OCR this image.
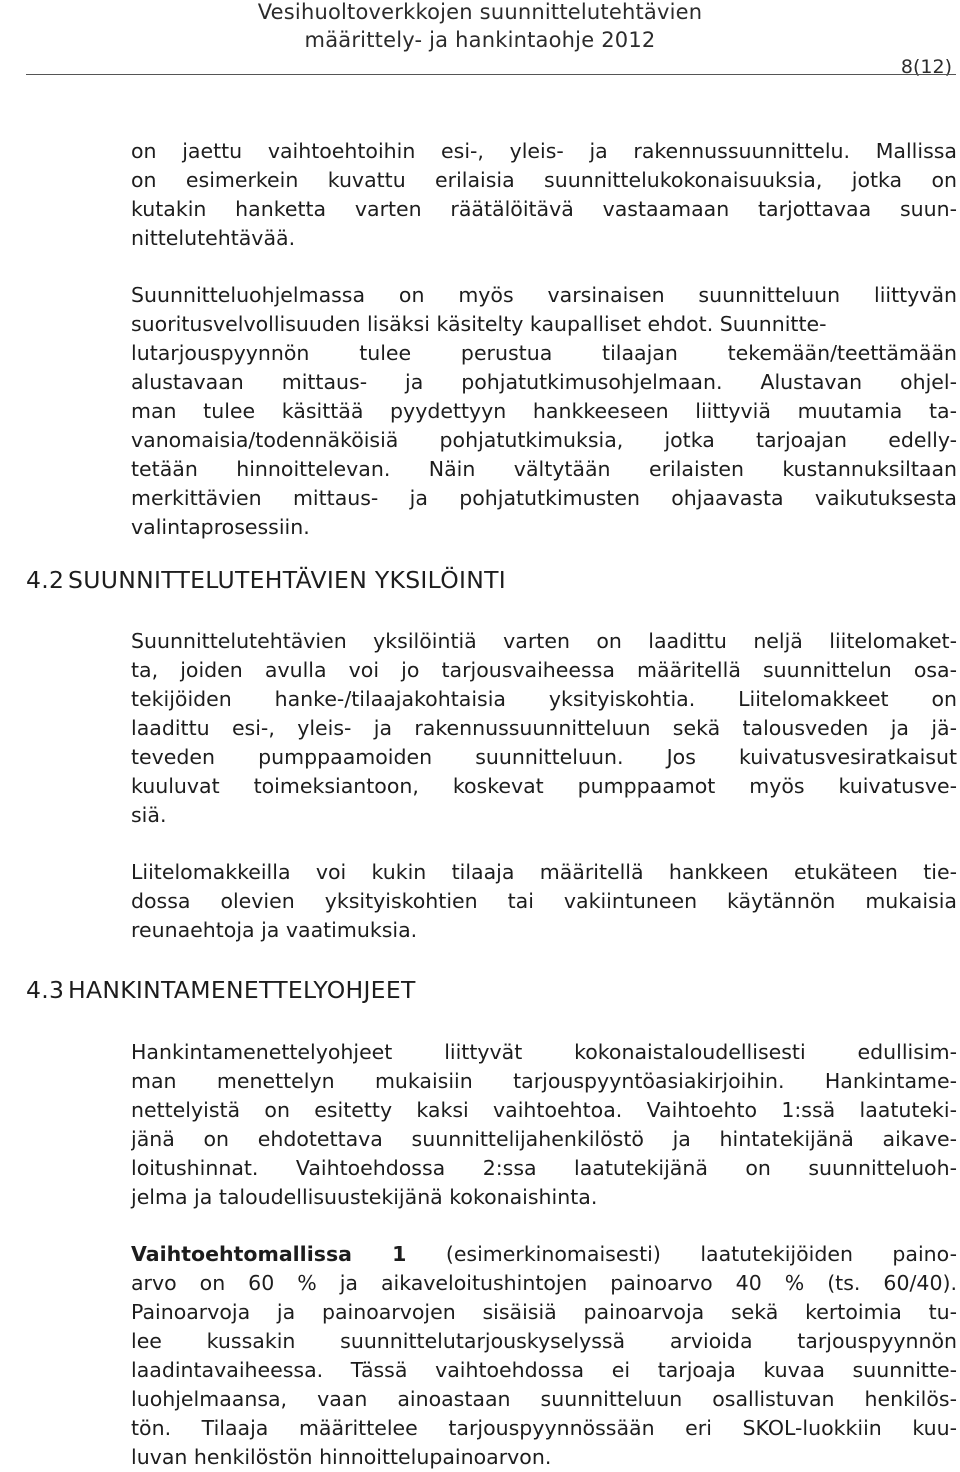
Vesihuoltoverkkojen suunnittelutehtävien
määrittely- ja hankintaohje 2012
8(12)
on jaettu vaihtoehtoihin esi-, yleis- ja rakennussuunnittelu. Mallissa
on esimerkein kuvattu erilaisia suunnittelukokonaisuuksia, jotka on
kutakin hanketta varten räätälöitävä vastaamaan tarjottavaa suun-
nittelutehtävää.
Suunnitteluohjelmassa on myös varsinaisen suunnitteluun liittyvän
suoritusvelvollisuuden lisäksi käsitelty kaupalliset ehdot. Suunnitte-
lutarjouspyynnön tulee perustua tilaajan tekemään/teettämään
alustavaan mittaus- ja pohjatutkimusohjelmaan. Alustavan ohjel-
man tulee käsittää pyydettyyn hankkeeseen liittyviä muutamia ta-
vanomaisia/todennäköisiä pohjatutkimuksia, jotka tarjoajan edelly-
tetään hinnoittelevan. Näin vältytään erilaisten kustannuksiltaan
merkittävien mittaus- ja pohjatutkimusten ohjaavasta vaikutuksesta
valintaprosessiin.
4.2 SUUNNITTELUTEHTÄVIEN YKSILÖINTI
Suunnittelutehtävien yksilöintiä varten on laadittu neljä liitelomaket-
ta, joiden avulla voi jo tarjousvaiheessa määritellä suunnittelun osa-
tekijöiden hanke-/tilaajakohtaisia yksityiskohtia. Liitelomakkeet on
laadittu esi-, yleis- ja rakennussuunnitteluun sekä talousveden ja jä-
teveden pumppaamoiden suunnitteluun. Jos kuivatusvesiratkaisut
kuuluvat toimeksiantoon, koskevat pumppaamot myös kuivatusve-
siä.
Liitelomakkeilla voi kukin tilaaja määritellä hankkeen etukäteen tie-
dossa olevien yksityiskohtien tai vakiintuneen käytännön mukaisia
reunaehtoja ja vaatimuksia.
4.3 HANKINTAMENETTELYOHJEET
Hankintamenettelyohjeet liittyvät kokonaistaloudellisesti edullisim-
man menettelyn mukaisiin tarjouspyyntöasiakirjoihin. Hankintame-
nettelyistä on esitetty kaksi vaihtoehtoa. Vaihtoehto 1:ssä laatuteki-
jänä on ehdotettava suunnittelijahenkilöstö ja hintatekijänä aikave-
loitushinnat. Vaihtoehdossa 2:ssa laatutekijänä on suunnitteluoh-
jelma ja taloudellisuustekijänä kokonaishinta.
Vaihtoehtomallissa 1 (esimerkinomaisesti) laatutekijöiden paino-
arvo on 60 % ja aikaveloitushintojen painoarvo 40 % (ts. 60/40).
Painoarvoja ja painoarvojen sisäisiä painoarvoja sekä kertoimia tu-
lee kussakin suunnittelutarjouskyselyssä arvioida tarjouspyynnön
laadintavaiheessa. Tässä vaihtoehdossa ei tarjoaja kuvaa suunnitte-
luohjelmaansa, vaan ainoastaan suunnitteluun osallistuvan henkilös-
tön. Tilaaja määrittelee tarjouspyynnössään eri SKOL-luokkiin kuu-
luvan henkilöstön hinnoittelupainoarvon.
